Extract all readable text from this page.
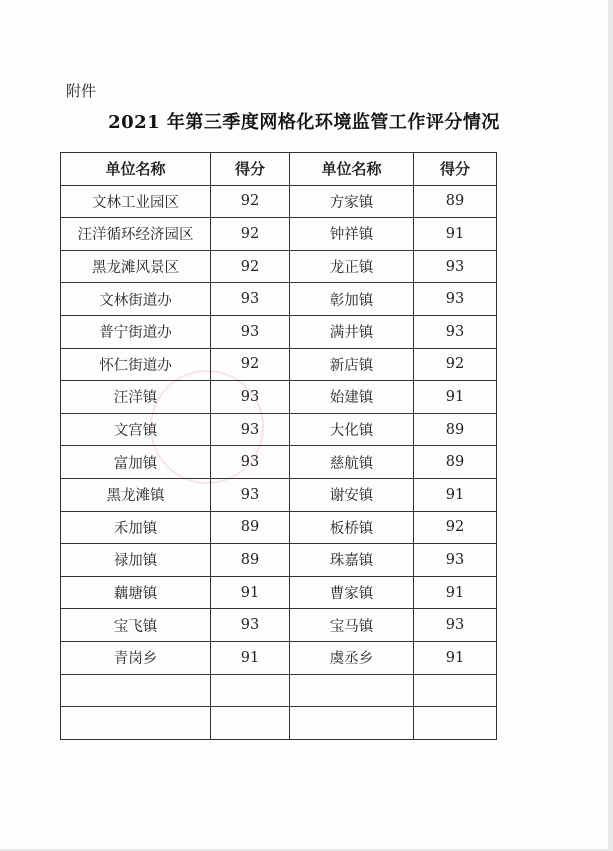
附件
2021 年第三季度网格化环境监管工作评分情况
单位名称	得分	单位名称	得分
文林工业园区	92	方家镇	89
汪洋循环经济园区	92	钟祥镇	91
黑龙滩风景区	92	龙正镇	93
文林街道办	93	彰加镇	93
普宁街道办	93	满井镇	93
怀仁街道办	92	新店镇	92
汪洋镇	93	始建镇	91
文宫镇	93	大化镇	89
富加镇	93	慈航镇	89
黑龙滩镇	93	谢安镇	91
禾加镇	89	板桥镇	92
禄加镇	89	珠嘉镇	93
藕塘镇	91	曹家镇	91
宝飞镇	93	宝马镇	93
青岗乡	91	虞丞乡	91
